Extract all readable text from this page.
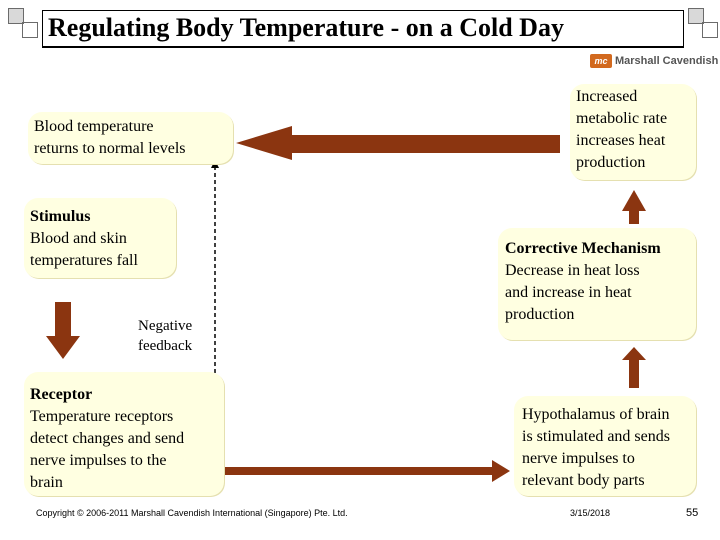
Regulating Body Temperature - on a Cold Day
mc Marshall Cavendish
Blood temperature
returns to normal levels
Increased
metabolic rate
increases heat
production
Stimulus
Blood and skin
temperatures fall
Corrective Mechanism
Decrease in heat loss
and increase in heat
production
Negative
feedback
Receptor
Temperature receptors
detect changes and send
nerve impulses to the
brain
Hypothalamus of brain
is stimulated and sends
nerve impulses to
relevant body parts
Copyright © 2006-2011 Marshall Cavendish International (Singapore) Pte. Ltd.	3/15/2018	55
